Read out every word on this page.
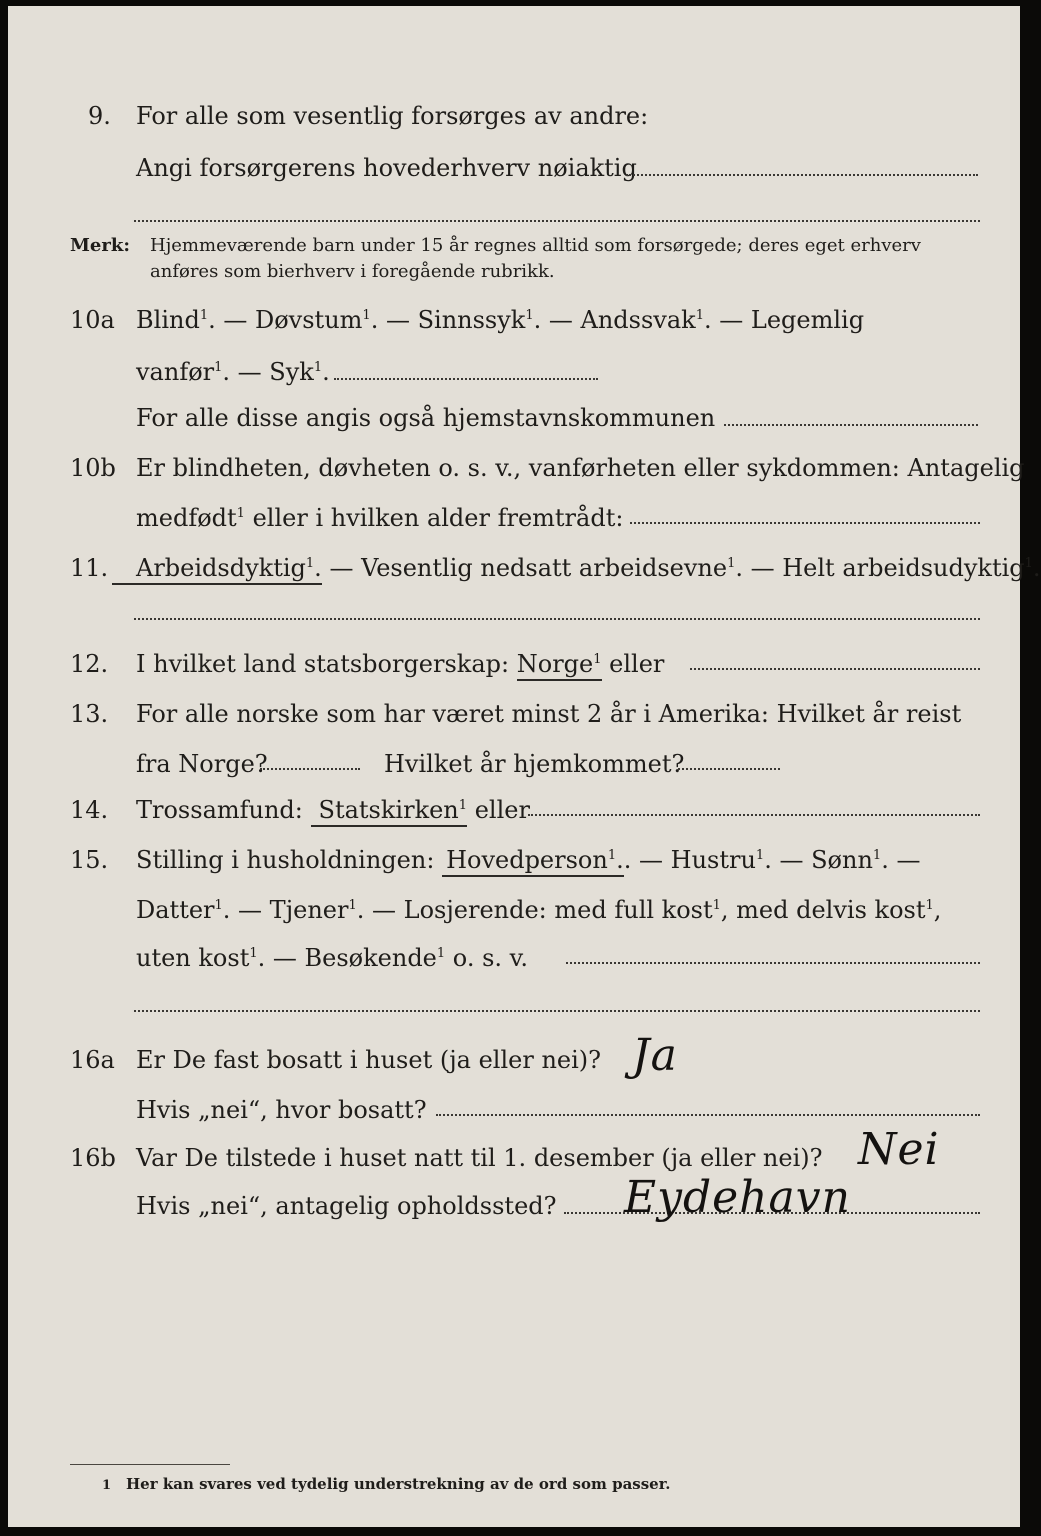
9. For alle som vesentlig forsørges av andre:
Angi forsørgerens hovederhverv nøiaktig
Merk: Hjemmeværende barn under 15 år regnes alltid som forsørgede; deres eget erhverv
anføres som bierhverv i foregående rubrikk.
10a Blind$^1$. — Døvstum$^1$. — Sinnssyk$^1$. — Andssvak$^1$. — Legemlig
vanfør$^1$. — Syk$^1$.
For alle disse angis også hjemstavnskommunen
10b Er blindheten, døvheten o. s. v., vanførheten eller sykdommen: Antagelig
medfødt$^1$ eller i hvilken alder fremtrådt:
11.	Arbeidsdyktig$^1$. — Vesentlig nedsatt arbeidsevne$^1$. — Helt arbeidsudyktig$^1$.
12. I hvilket land statsborgerskap: Norge$^1$ eller
13. For alle norske som har været minst 2 år i Amerika: Hvilket år reist
fra Norge?	Hvilket år hjemkommet?
14. Trossamfund: Statskirken$^1$ eller
15. Stilling i husholdningen: Hovedperson$^1$.. — Hustru$^1$. — Sønn$^1$. —
Datter$^1$. — Tjener$^1$. — Losjerende: med full kost$^1$, med delvis kost$^1$,
uten kost$^1$. — Besøkende$^1$ o. s. v.
16a Er De fast bosatt i huset (ja eller nei)? Ja
Hvis „nei“, hvor bosatt?
16b Var De tilstede i huset natt til 1. desember (ja eller nei)? Nei
Hvis „nei“, antagelig opholdssted? Eydehavn
1 Her kan svares ved tydelig understrekning av de ord som passer.
